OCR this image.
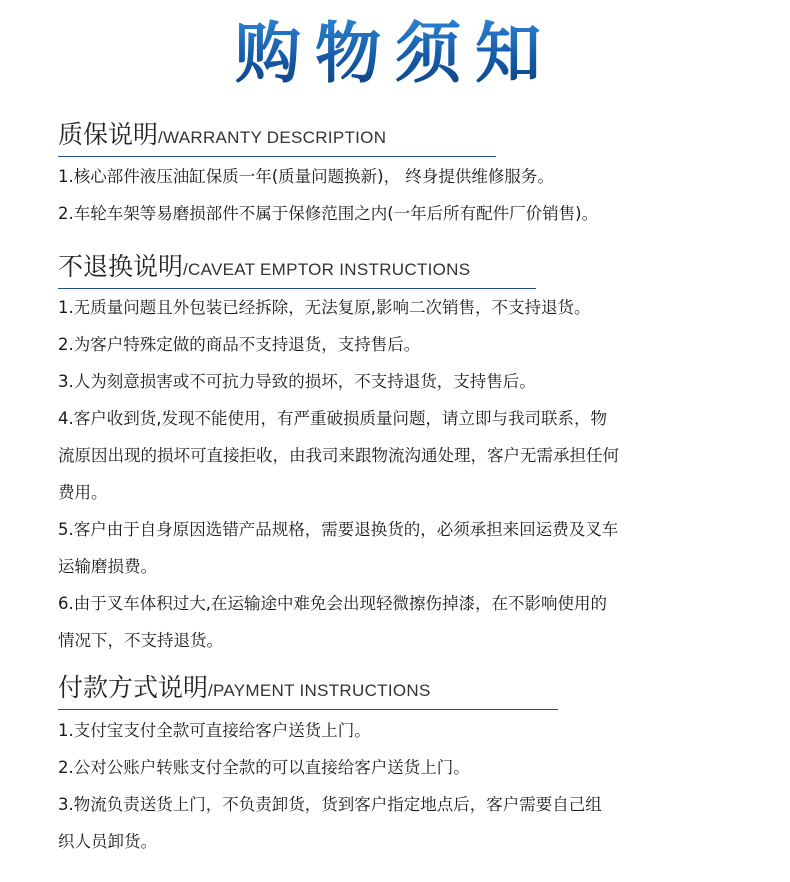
购物须知
质保说明/WARRANTY DESCRIPTION
1.核心部件液压油缸保质一年(质量问题换新)， 终身提供维修服务。
2.车轮车架等易磨损部件不属于保修范围之内(一年后所有配件厂价销售)。
不退换说明/CAVEAT EMPTOR INSTRUCTIONS
1.无质量问题且外包装已经拆除，无法复原,影响二次销售，不支持退货。
2.为客户特殊定做的商品不支持退货，支持售后。
3.人为刻意损害或不可抗力导致的损坏，不支持退货，支持售后。
4.客户收到货,发现不能使用，有严重破损质量问题，请立即与我司联系，物
流原因出现的损坏可直接拒收，由我司来跟物流沟通处理，客户无需承担任何
费用。
5.客户由于自身原因选错产品规格，需要退换货的，必须承担来回运费及叉车
运输磨损费。
6.由于叉车体积过大,在运输途中难免会出现轻微擦伤掉漆，在不影响使用的
情况下，不支持退货。
付款方式说明/PAYMENT INSTRUCTIONS
1.支付宝支付全款可直接给客户送货上门。
2.公对公账户转账支付全款的可以直接给客户送货上门。
3.物流负责送货上门，不负责卸货，货到客户指定地点后，客户需要自己组
织人员卸货。
